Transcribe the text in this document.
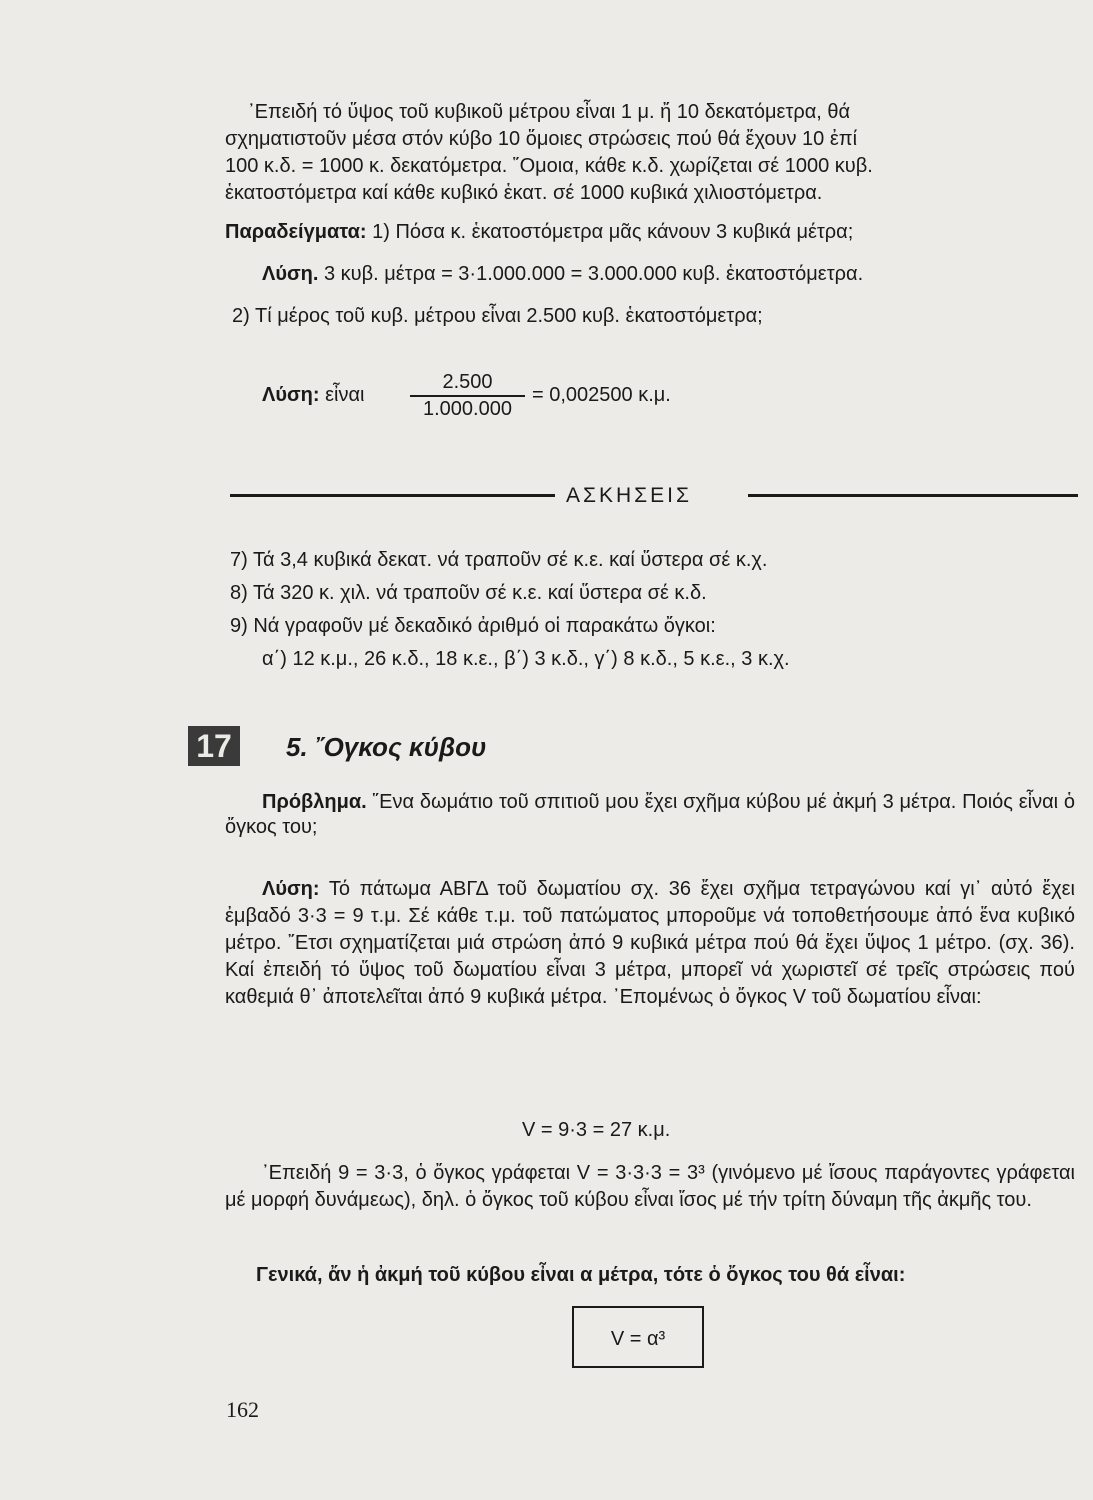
᾽Επειδή τό ὕψος τοῦ κυβικοῦ μέτρου εἶναι 1 μ. ἤ 10 δεκατόμετρα, θά
σχηματιστοῦν μέσα στόν κύβο 10 ὅμοιες στρώσεις πού θά ἔχουν 10 ἐπί
100 κ.δ. = 1000 κ. δεκατόμετρα. ῞Ομοια, κάθε κ.δ. χωρίζεται σέ 1000 κυβ.
ἑκατοστόμετρα καί κάθε κυβικό ἑκατ. σέ 1000 κυβικά χιλιοστόμετρα.
Παραδείγματα: 1) Πόσα κ. ἑκατοστόμετρα μᾶς κάνουν 3 κυβικά μέτρα;
Λύση. 3 κυβ. μέτρα = 3·1.000.000 = 3.000.000 κυβ. ἑκατοστόμετρα.
2) Τί μέρος τοῦ κυβ. μέτρου εἶναι 2.500 κυβ. ἑκατοστόμετρα;
Λύση: εἶναι $\frac{2.500}{1.000.000} = 0,002500$ κ.μ.
ΑΣΚΗΣΕΙΣ
7) Τά 3,4 κυβικά δεκατ. νά τραποῦν σέ κ.ε. καί ὕστερα σέ κ.χ.
8) Τά 320 κ. χιλ. νά τραποῦν σέ κ.ε. καί ὕστερα σέ κ.δ.
9) Νά γραφοῦν μέ δεκαδικό ἀριθμό οἱ παρακάτω ὄγκοι:
α΄) 12 κ.μ., 26 κ.δ., 18 κ.ε., β΄) 3 κ.δ., γ΄) 8 κ.δ., 5 κ.ε., 3 κ.χ.
17	5. ῎Ογκος κύβου

Πρόβλημα. ῞Ενα δωμάτιο τοῦ σπιτιοῦ μου ἔχει σχῆμα κύβου μέ ἀκμή 3 μέτρα. Ποιός εἶναι ὁ ὄγκος του;

Λύση: Τό πάτωμα ΑΒΓΔ τοῦ δωματίου σχ. 36 ἔχει σχῆμα τετραγώνου καί γι᾽ αὐτό ἔχει ἐμβαδό 3·3 = 9 τ.μ. Σέ κάθε τ.μ. τοῦ πατώματος μποροῦμε νά τοποθετήσουμε ἀπό ἕνα κυβικό μέτρο. ῎Ετσι σχηματίζεται μιά στρώση ἀπό 9 κυβικά μέτρα πού θά ἔχει ὕψος 1 μέτρο. (σχ. 36). Καί ἐπειδή τό ὕψος τοῦ δωματίου εἶναι 3 μέτρα, μπορεῖ νά χωριστεῖ σέ τρεῖς στρώσεις πού καθεμιά θ᾽ ἀποτελεῖται ἀπό 9 κυβικά μέτρα. ᾽Επομένως ὁ ὄγκος V τοῦ δωματίου εἶναι:

V = 9·3 = 27 κ.μ.

᾽Επειδή 9 = 3·3, ὁ ὄγκος γράφεται V = 3·3·3 = 3³ (γινόμενο μέ ἴσους παράγοντες γράφεται μέ μορφή δυνάμεως), δηλ. ὁ ὄγκος τοῦ κύβου εἶναι ἴσος μέ τήν τρίτη δύναμη τῆς ἀκμῆς του.

Γενικά, ἄν ἡ ἀκμή τοῦ κύβου εἶναι α μέτρα, τότε ὁ ὄγκος του θά εἶναι:
V = α³
162
